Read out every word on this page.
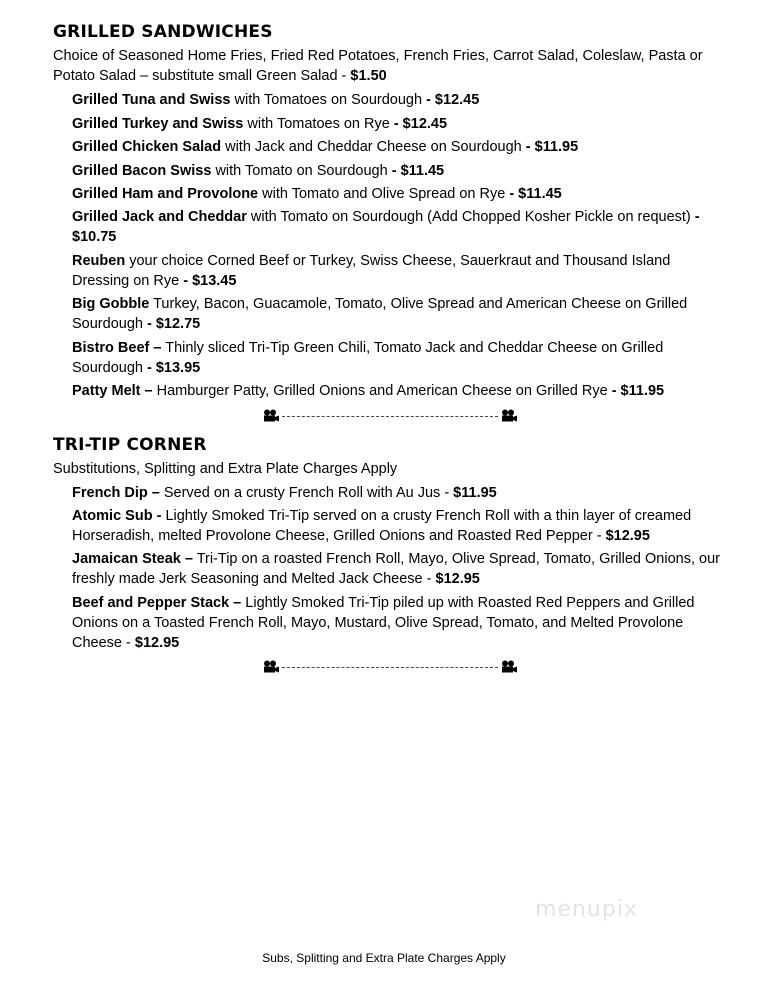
GRILLED SANDWICHES
Choice of Seasoned Home Fries, Fried Red Potatoes, French Fries, Carrot Salad, Coleslaw, Pasta or Potato Salad – substitute small Green Salad - $1.50
Grilled Tuna and Swiss with Tomatoes on Sourdough - $12.45
Grilled Turkey and Swiss with Tomatoes on Rye - $12.45
Grilled Chicken Salad with Jack and Cheddar Cheese on Sourdough - $11.95
Grilled Bacon Swiss with Tomato on Sourdough - $11.45
Grilled Ham and Provolone with Tomato and Olive Spread on Rye - $11.45
Grilled Jack and Cheddar with Tomato on Sourdough (Add Chopped Kosher Pickle on request) - $10.75
Reuben your choice Corned Beef or Turkey, Swiss Cheese, Sauerkraut and Thousand Island Dressing on Rye - $13.45
Big Gobble Turkey, Bacon, Guacamole, Tomato, Olive Spread and American Cheese on Grilled Sourdough - $12.75
Bistro Beef – Thinly sliced Tri-Tip Green Chili, Tomato Jack and Cheddar Cheese on Grilled Sourdough - $13.95
Patty Melt – Hamburger Patty, Grilled Onions and American Cheese on Grilled Rye - $11.95
TRI-TIP CORNER
Substitutions, Splitting and Extra Plate Charges Apply
French Dip – Served on a crusty French Roll with Au Jus - $11.95
Atomic Sub - Lightly Smoked Tri-Tip served on a crusty French Roll with a thin layer of creamed Horseradish, melted Provolone Cheese, Grilled Onions and Roasted Red Pepper - $12.95
Jamaican Steak – Tri-Tip on a roasted French Roll, Mayo, Olive Spread, Tomato, Grilled Onions, our freshly made Jerk Seasoning and Melted Jack Cheese - $12.95
Beef and Pepper Stack – Lightly Smoked Tri-Tip piled up with Roasted Red Peppers and Grilled Onions on a Toasted French Roll, Mayo, Mustard, Olive Spread, Tomato, and Melted Provolone Cheese - $12.95
menupix
Subs, Splitting and Extra Plate Charges Apply
